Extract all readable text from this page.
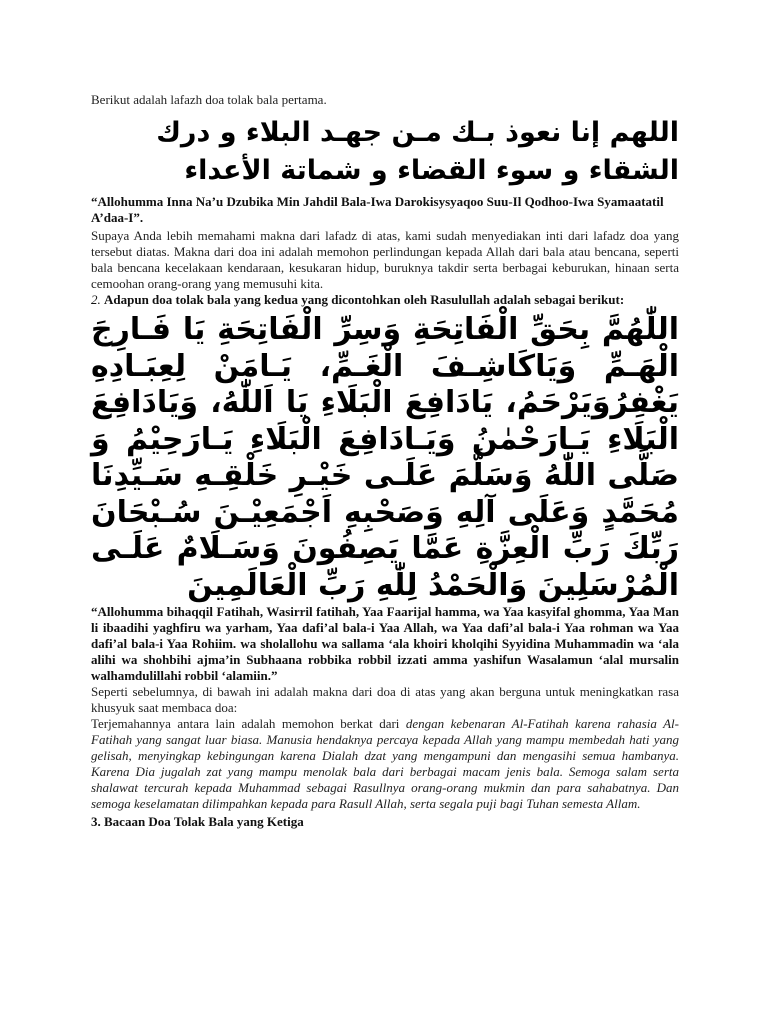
Berikut adalah lafazh doa tolak bala pertama.

اللهم إنا نعوذ بـك مـن جهـد البلاء و درك الشقاء و سوء القضاء و شماتة الأعداء

“Allohumma Inna Na’u Dzubika Min Jahdil Bala-Iwa Darokisysyaqoo Suu-Il Qodhoo-Iwa Syamaatatil A’daa-I”.

Supaya Anda lebih memahami makna dari lafadz di atas, kami sudah menyediakan inti dari lafadz doa yang tersebut diatas. Makna dari doa ini adalah memohon perlindungan kepada Allah dari bala atau bencana, seperti bala bencana kecelakaan kendaraan, kesukaran hidup, buruknya takdir serta berbagai keburukan, hinaan serta cemoohan orang-orang yang memusuhi kita.

2. Adapun doa tolak bala yang kedua yang dicontohkan oleh Rasulullah adalah sebagai berikut:

اللّٰهُمَّ بِحَقِّ الْفَاتِحَةِ وَسِرِّ الْفَاتِحَةِ يَا فَـارِجَ الْهَـمِّ وَيَاكَاشِـفَ الْغَـمِّ، يَـامَنْ لِعِبَـادِهِ يَغْفِرُوَيَرْحَمُ، يَادَافِعَ الْبَلَاءِ يَا اَللّٰهُ، وَيَادَافِعَ الْبَلَاءِ يَـارَحْمٰنُ وَيَـادَافِعَ الْبَلَاءِ يَـارَحِيْمُ وَ صَلَّى اللّٰهُ وَسَلَّمَ عَلَـى خَيْـرِ خَلْقِـهِ سَـيِّدِنَا مُحَمَّدٍ وَعَلَى آلِهِ وَصَحْبِهِ اَجْمَعِيْـنَ سُـبْحَانَ رَبِّكَ رَبِّ الْعِزَّةِ عَمَّا يَصِفُونَ وَسَـلَامٌ عَلَـى الْمُرْسَلِينَ وَالْحَمْدُ لِلّٰهِ رَبِّ الْعَالَمِينَ

“Allohumma bihaqqil Fatihah, Wasirril fatihah, Yaa Faarijal hamma, wa Yaa kasyifal ghomma, Yaa Man li ibaadihi yaghfiru wa yarham, Yaa dafi’al bala-i Yaa Allah, wa Yaa dafi’al bala-i Yaa rohman wa Yaa dafi’al bala-i Yaa Rohiim. wa sholallohu wa sallama ‘ala khoiri kholqihi Syyidina Muhammadin wa ‘ala alihi wa shohbihi ajma’in Subhaana robbika robbil izzati amma yashifun Wasalamun ‘alal mursalin walhamdulillahi robbil ‘alamiin.”

Seperti sebelumnya, di bawah ini adalah makna dari doa di atas yang akan berguna untuk meningkatkan rasa khusyuk saat membaca doa:

Terjemahannya antara lain adalah memohon berkat dari dengan kebenaran Al-Fatihah karena rahasia Al-Fatihah yang sangat luar biasa. Manusia hendaknya percaya kepada Allah yang mampu membedah hati yang gelisah, menyingkap kebingungan karena Dialah dzat yang mengampuni dan mengasihi semua hambanya. Karena Dia jugalah zat yang mampu menolak bala dari berbagai macam jenis bala. Semoga salam serta shalawat tercurah kepada Muhammad sebagai Rasullnya orang-orang mukmin dan para sahabatnya. Dan semoga keselamatan dilimpahkan kepada para Rasull Allah, serta segala puji bagi Tuhan semesta Allam.

3. Bacaan Doa Tolak Bala yang Ketiga
